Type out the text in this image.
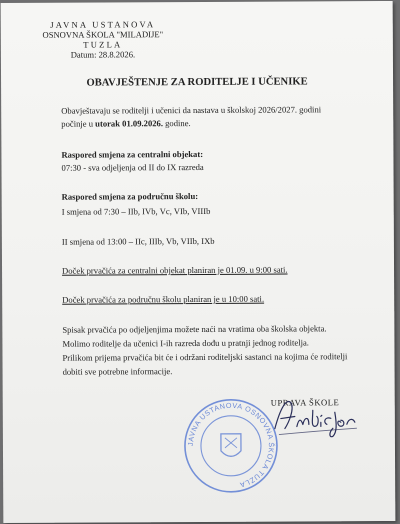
JAVNA USTANOVA
OSNOVNA ŠKOLA "MILADIJE"
TUZLA
Datum: 28.8.2026.
OBAVJEŠTENJE ZA RODITELJE I UČENIKE
Obavještavaju se roditelji i učenici da nastava u školskoj 2026/2027. godini
počinje u utorak 01.09.2026. godine.
Raspored smjena za centralni objekat:
07:30 - sva odjeljenja od II do IX razreda
Raspored smjena za područnu školu:
I smjena od 7:30 – IIb, IVb, Vc, VIb, VIIIb
II smjena od 13:00 – IIc, IIIb, Vb, VIIb, IXb
Doček prvačića za centralni objekat planiran je 01.09. u 9:00 sati.
Doček prvačića za područnu školu planiran je u 10:00 sati.
Spisak prvačića po odjeljenjima možete naći na vratima oba školska objekta.
Molimo roditelje da učenici I-ih razreda dođu u pratnji jednog roditelja.
Prilikom prijema prvačića bit će i održani roditeljski sastanci na kojima će roditelji
dobiti sve potrebne informacije.
UPRAVA ŠKOLE
JAVNA USTANOVA OSNOVNA ŠKOLA TUZLA
